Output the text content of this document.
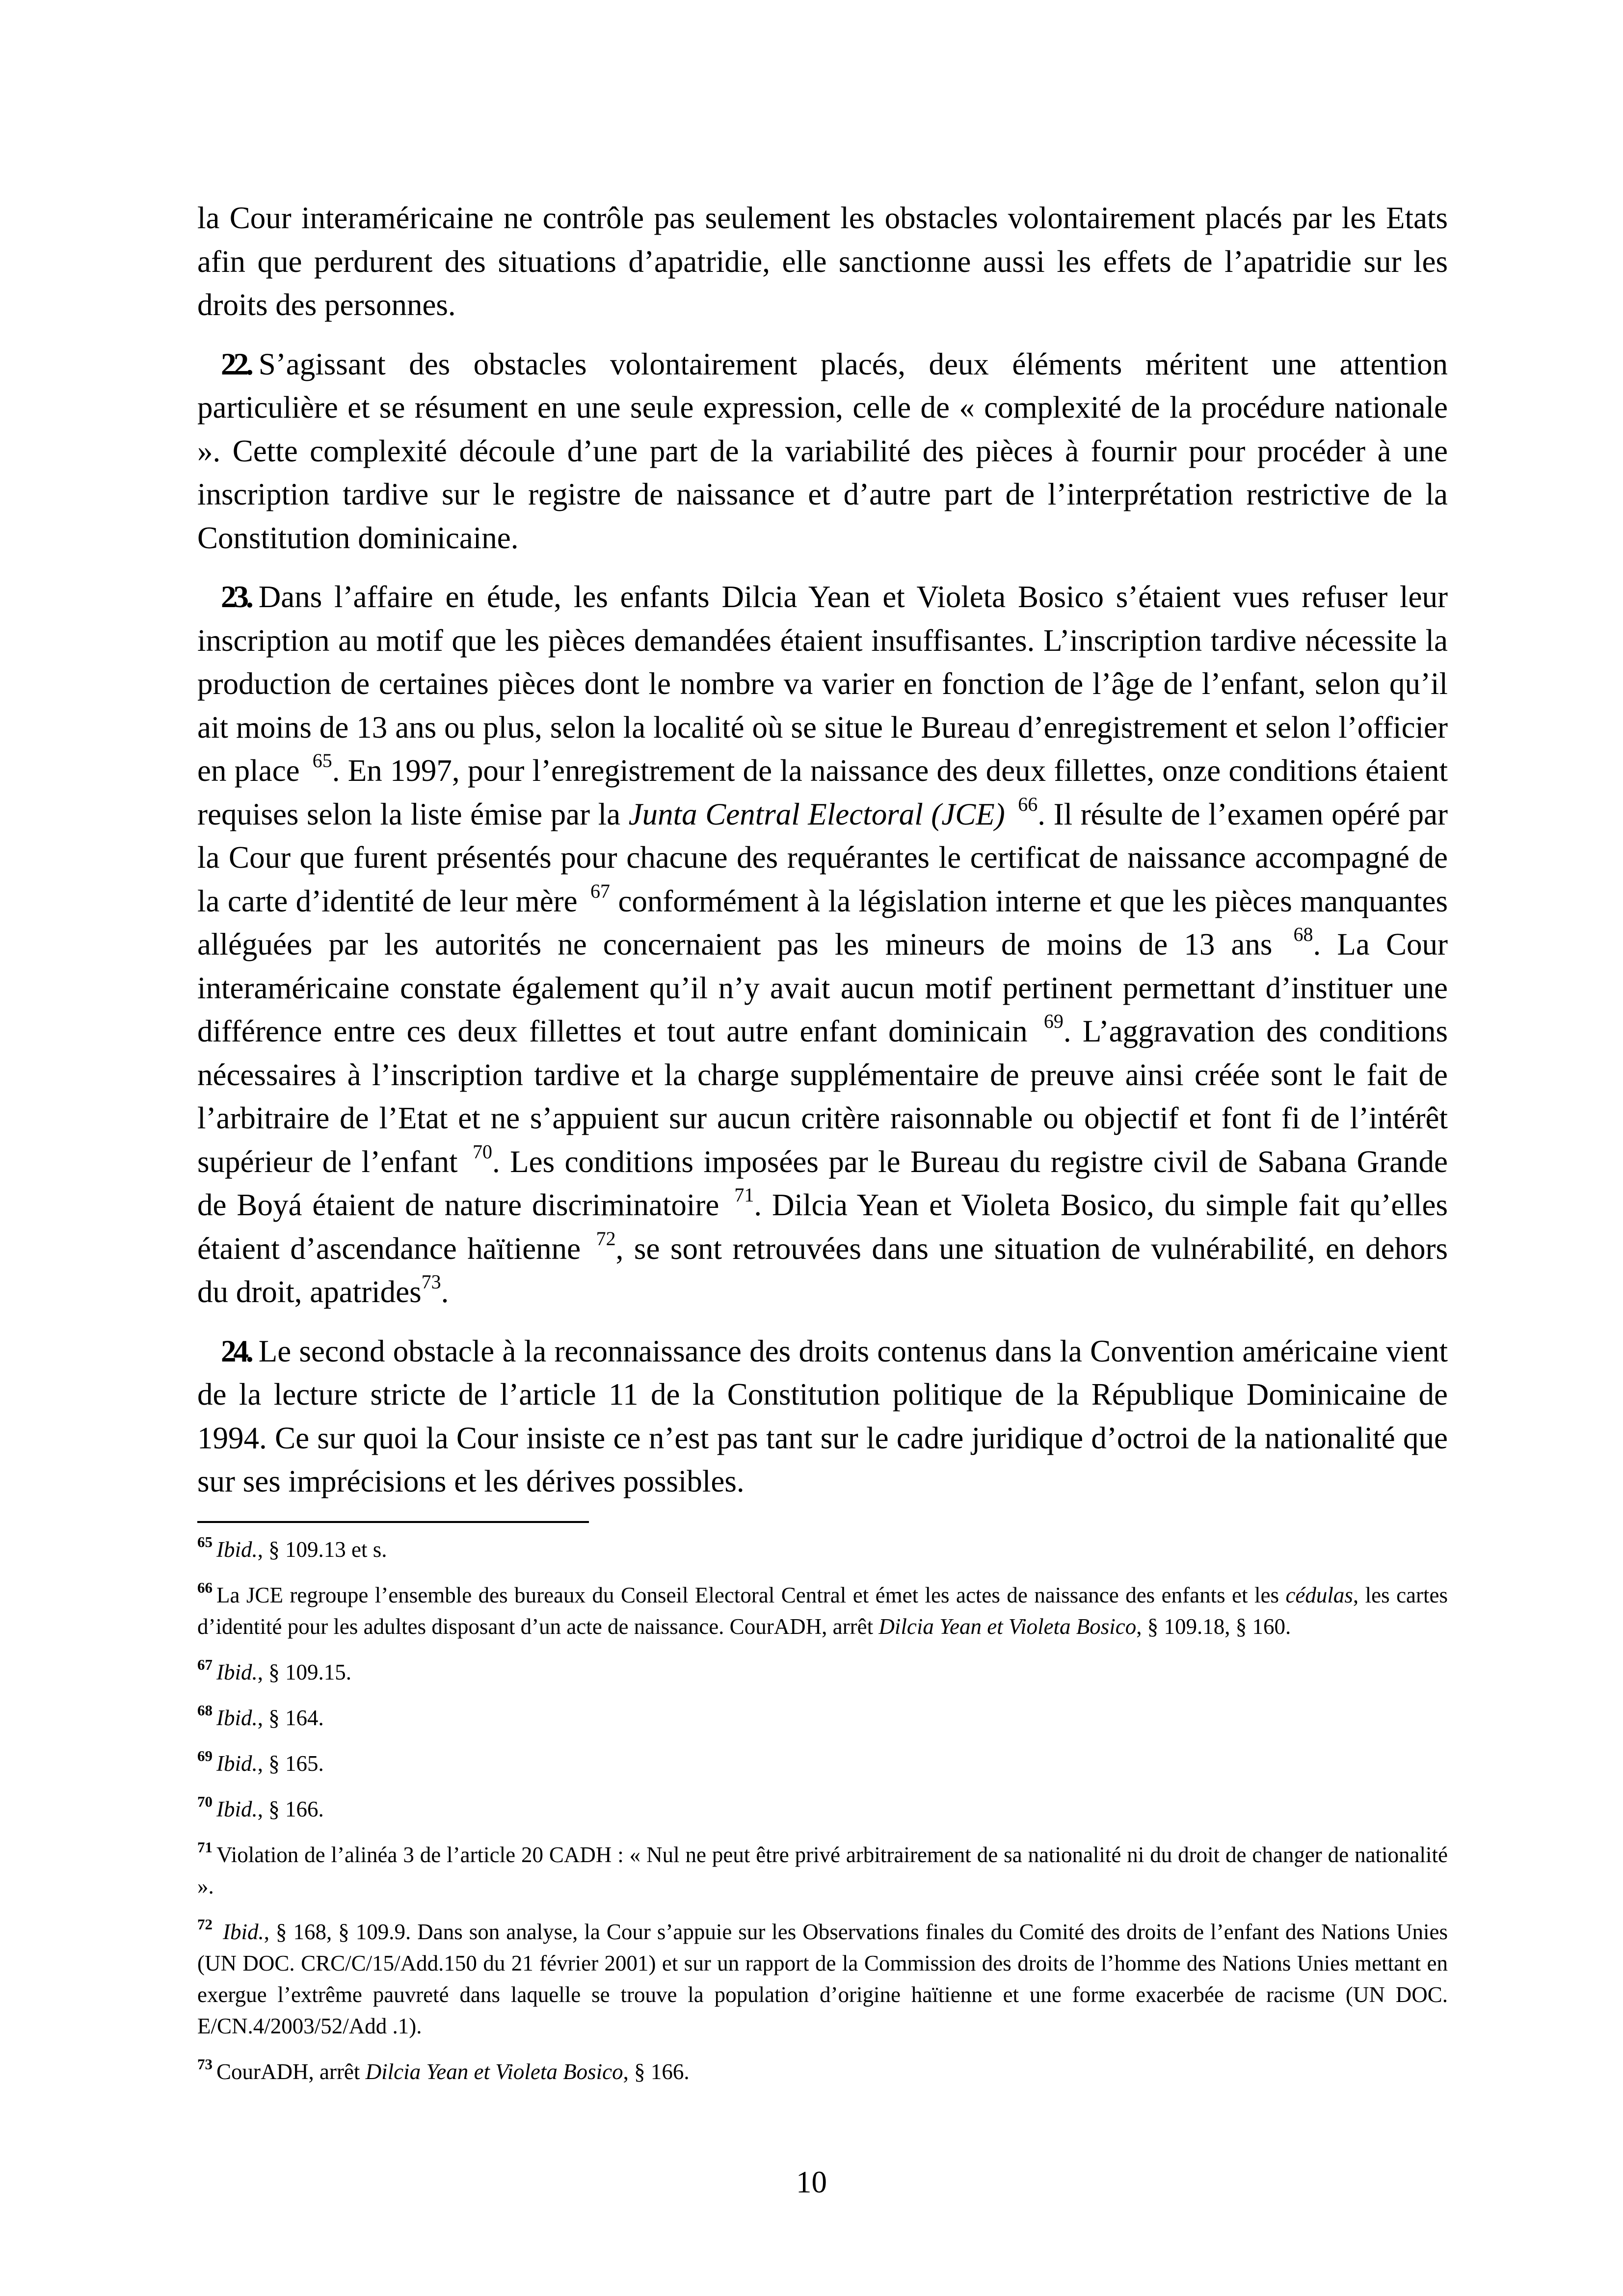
la Cour interaméricaine ne contrôle pas seulement les obstacles volontairement placés par les Etats afin que perdurent des situations d’apatridie, elle sanctionne aussi les effets de l’apatridie sur les droits des personnes.

22. S’agissant des obstacles volontairement placés, deux éléments méritent une attention particulière et se résument en une seule expression, celle de « complexité de la procédure nationale ». Cette complexité découle d’une part de la variabilité des pièces à fournir pour procéder à une inscription tardive sur le registre de naissance et d’autre part de l’interprétation restrictive de la Constitution dominicaine.

23. Dans l’affaire en étude, les enfants Dilcia Yean et Violeta Bosico s’étaient vues refuser leur inscription au motif que les pièces demandées étaient insuffisantes. L’inscription tardive nécessite la production de certaines pièces dont le nombre va varier en fonction de l’âge de l’enfant, selon qu’il ait moins de 13 ans ou plus, selon la localité où se situe le Bureau d’enregistrement et selon l’officier en place $^{65}$. En 1997, pour l’enregistrement de la naissance des deux fillettes, onze conditions étaient requises selon la liste émise par la Junta Central Electoral (JCE) $^{66}$. Il résulte de l’examen opéré par la Cour que furent présentés pour chacune des requérantes le certificat de naissance accompagné de la carte d’identité de leur mère $^{67}$ conformément à la législation interne et que les pièces manquantes alléguées par les autorités ne concernaient pas les mineurs de moins de 13 ans $^{68}$. La Cour interaméricaine constate également qu’il n’y avait aucun motif pertinent permettant d’instituer une différence entre ces deux fillettes et tout autre enfant dominicain $^{69}$. L’aggravation des conditions nécessaires à l’inscription tardive et la charge supplémentaire de preuve ainsi créée sont le fait de l’arbitraire de l’Etat et ne s’appuient sur aucun critère raisonnable ou objectif et font fi de l’intérêt supérieur de l’enfant $^{70}$. Les conditions imposées par le Bureau du registre civil de Sabana Grande de Boyá étaient de nature discriminatoire $^{71}$. Dilcia Yean et Violeta Bosico, du simple fait qu’elles étaient d’ascendance haïtienne $^{72}$, se sont retrouvées dans une situation de vulnérabilité, en dehors du droit, apatrides$^{73}$.

24. Le second obstacle à la reconnaissance des droits contenus dans la Convention américaine vient de la lecture stricte de l’article 11 de la Constitution politique de la République Dominicaine de 1994. Ce sur quoi la Cour insiste ce n’est pas tant sur le cadre juridique d’octroi de la nationalité que sur ses imprécisions et les dérives possibles.

$^{65}$ Ibid., § 109.13 et s.

$^{66}$ La JCE regroupe l’ensemble des bureaux du Conseil Electoral Central et émet les actes de naissance des enfants et les cédulas, les cartes d’identité pour les adultes disposant d’un acte de naissance. CourADH, arrêt Dilcia Yean et Violeta Bosico, § 109.18, § 160.

$^{67}$ Ibid., § 109.15.

$^{68}$ Ibid., § 164.

$^{69}$ Ibid., § 165.

$^{70}$ Ibid., § 166.

$^{71}$ Violation de l’alinéa 3 de l’article 20 CADH : « Nul ne peut être privé arbitrairement de sa nationalité ni du droit de changer de nationalité ».

$^{72}$ Ibid., § 168, § 109.9. Dans son analyse, la Cour s’appuie sur les Observations finales du Comité des droits de l’enfant des Nations Unies (UN DOC. CRC/C/15/Add.150 du 21 février 2001) et sur un rapport de la Commission des droits de l’homme des Nations Unies mettant en exergue l’extrême pauvreté dans laquelle se trouve la population d’origine haïtienne et une forme exacerbée de racisme (UN DOC. E/CN.4/2003/52/Add .1).

$^{73}$ CourADH, arrêt Dilcia Yean et Violeta Bosico, § 166.

10
